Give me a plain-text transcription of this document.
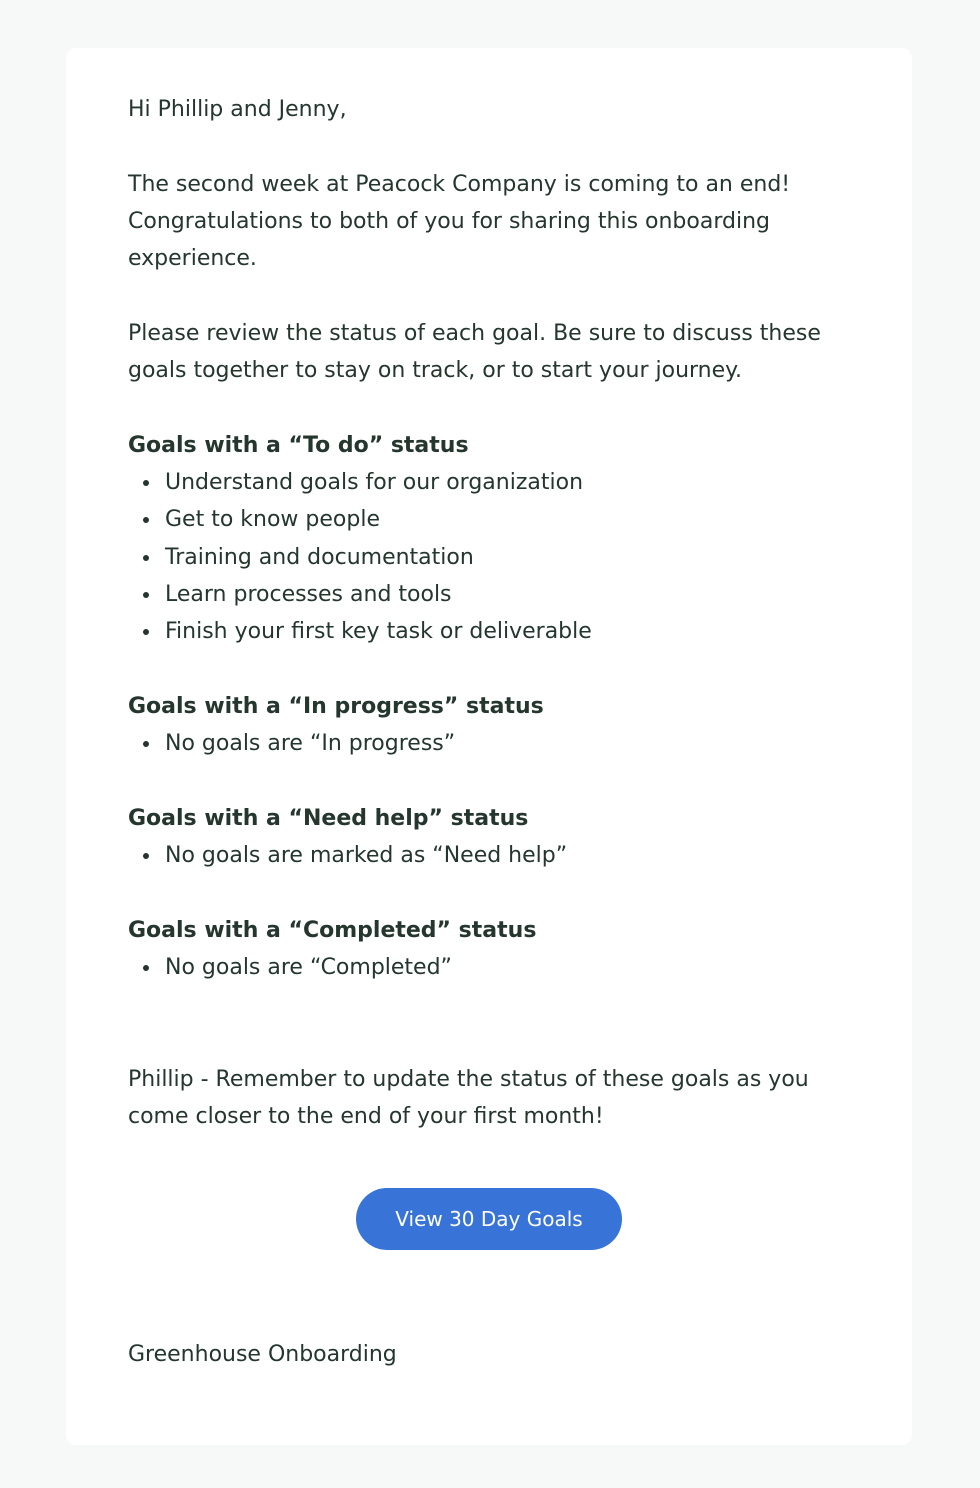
Hi Phillip and Jenny,

The second week at Peacock Company is coming to an end! Congratulations to both of you for sharing this onboarding experience.

Please review the status of each goal. Be sure to discuss these goals together to stay on track, or to start your journey.

Goals with a “To do” status

Understand goals for our organization
Get to know people
Training and documentation
Learn processes and tools
Finish your first key task or deliverable

Goals with a “In progress” status

No goals are “In progress”

Goals with a “Need help” status

No goals are marked as “Need help”

Goals with a “Completed” status

No goals are “Completed”

Phillip - Remember to update the status of these goals as you come closer to the end of your first month!

View 30 Day Goals

Greenhouse Onboarding
